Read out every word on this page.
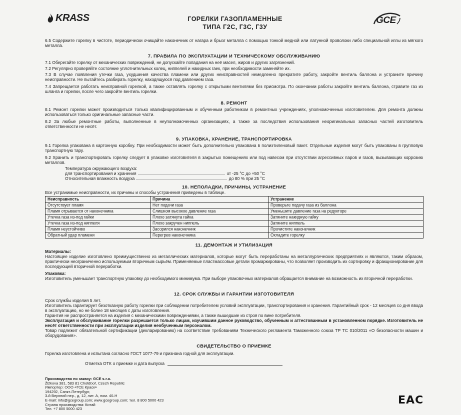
KRASS	ГОРЕЛКИ ГАЗОПЛАМЕННЫЕ
ТИПА Г2С, Г3С, Г3У
GCE

6.5 Содержите горелку в чистоте, периодически очищайте наконечник от нагара и брызг металла с помощью тонкой медной или латунной проволоки либо специальной иглы из мягкого металла.

7. ПРАВИЛА ПО ЭКСПЛУАТАЦИИ И ТЕХНИЧЕСКОМУ ОБСЛУЖИВАНИЮ

7.1 Оберегайте горелку от механических повреждений, не допускайте попадания на неё масел, жиров и других загрязнений.

7.2 Регулярно проверяйте состояние уплотнительных колец, ниппелей и накидных гаек, при необходимости заменяйте их.

7.3 В случае появления утечки газа, ухудшения качества пламени или других неисправностей немедленно прекратите работу, закройте вентиль баллона и устраните причину неисправности. Не пытайтесь разбирать горелку, находящуюся под давлением газа.

7.4 Запрещается работать неисправной горелкой, а также оставлять горелку с открытыми вентилями без присмотра. По окончании работы закройте вентиль баллона, стравите газ из шланга и горелки, после чего закройте вентиль горелки.

8. РЕМОНТ

8.1 Ремонт горелки может производиться только квалифицированным и обученным работником в ремонтных учреждениях, уполномоченных изготовителем. Для ремонта должны использоваться только оригинальные запасные части.

8.2 За любые ремонтные работы, выполненные в неуполномоченных организациях, а также за последствия использования неоригинальных запасных частей изготовитель ответственности не несёт.

9. УПАКОВКА, ХРАНЕНИЕ, ТРАНСПОРТИРОВКА

9.1 Горелка упакована в картонную коробку. При необходимости может быть дополнительно упакована в полиэтиленовый пакет. Отдельные изделия могут быть упакованы в групповую транспортную тару.

9.2 Хранить и транспортировать горелку следует в упаковке изготовителя в закрытых помещениях или под навесом при отсутствии агрессивных паров и газов, вызывающих коррозию металлов.

Температура окружающего воздуха:
для транспортирования и хранения	от -25 °С до +50 °С
Относительная влажность воздуха	до 80 % при 25 °С

10. НЕПОЛАДКИ, ПРИЧИНЫ, УСТРАНЕНИЕ

Все устранимые неисправности, их причины и способы устранения приведены в таблице.

Неисправность	Причина	Устранение
Отсутствует пламя	Нет подачи газа	Проверьте подачу газа из баллона
Пламя отрывается от наконечника	Слишком высокое давление газа	Уменьшите давление газа на редукторе
Утечка газа из-под гайки	Плохо затянута гайка	Затяните накидную гайку
Утечка газа из-под ниппеля	Плохо закручен ниппель	Затяните ниппель
Пламя неустойчиво	Засорился наконечник	Прочистите наконечник
Обратный удар пламени	Перегрев наконечника	Охладите горелку

11. ДЕМОНТАЖ И УТИЛИЗАЦИЯ

Материалы:

Настоящее изделие изготовлено преимущественно из металлических материалов, которые могут быть переработаны на металлургических предприятиях и являются, таким образом, практически неограниченно используемым вторичным сырьём. Применяемые пластмассовые детали промаркированы, что позволяет производить их сортировку и фракционирование для последующей вторичной переработки.

Упаковка:

Изготовитель уменьшает транспортную упаковку до необходимого минимума. При выборе упаковочных материалов обращается внимание на возможность их вторичной переработки.

12. СРОК СЛУЖБЫ И ГАРАНТИИ ИЗГОТОВИТЕЛЯ

Срок службы изделия 5 лет.

Изготовитель гарантирует безотказную работу горелки при соблюдении потребителем условий эксплуатации, транспортирования и хранения. Гарантийный срок - 12 месяцев со дня ввода в эксплуатацию, но не более 18 месяцев с даты изготовления.

Гарантия не распространяется на изделия с механическими повреждениями, а также вышедшие из строя по вине потребителя.

Эксплуатация и обслуживание горелки разрешается только лицам, изучившим данное руководство, обученным и аттестованным в установленном порядке. Изготовитель не несёт ответственности при эксплуатации изделия необученным персоналом.

Товар подлежит обязательной сертификации (декларированию) на соответствие требованиям Технического регламента Таможенного союза ТР ТС 010/2011 «О безопасности машин и оборудования».

СВИДЕТЕЛЬСТВО О ПРИЕМКЕ

Горелка изготовлена и испытана согласно ГОСТ 1077-79 и признана годной для эксплуатации.

Отметка ОТК о приемке и дата выпуска
Производство по заказу: GCE s.r.o.
Žižkova 381, 583 81 Chotěboř, Czech Republic
Импортер: ООО «ГСЕ Краск»
194292, Санкт-Петербург,
3-й Верхний пер., д. 12, лит. А, пом. 40-Н
E-mail: info@gcegroup.com; www.gcegroup.com; тел. 8 800 5000 423
Страна производства: Китай
Тел. +7 800 5000 423
EAC
